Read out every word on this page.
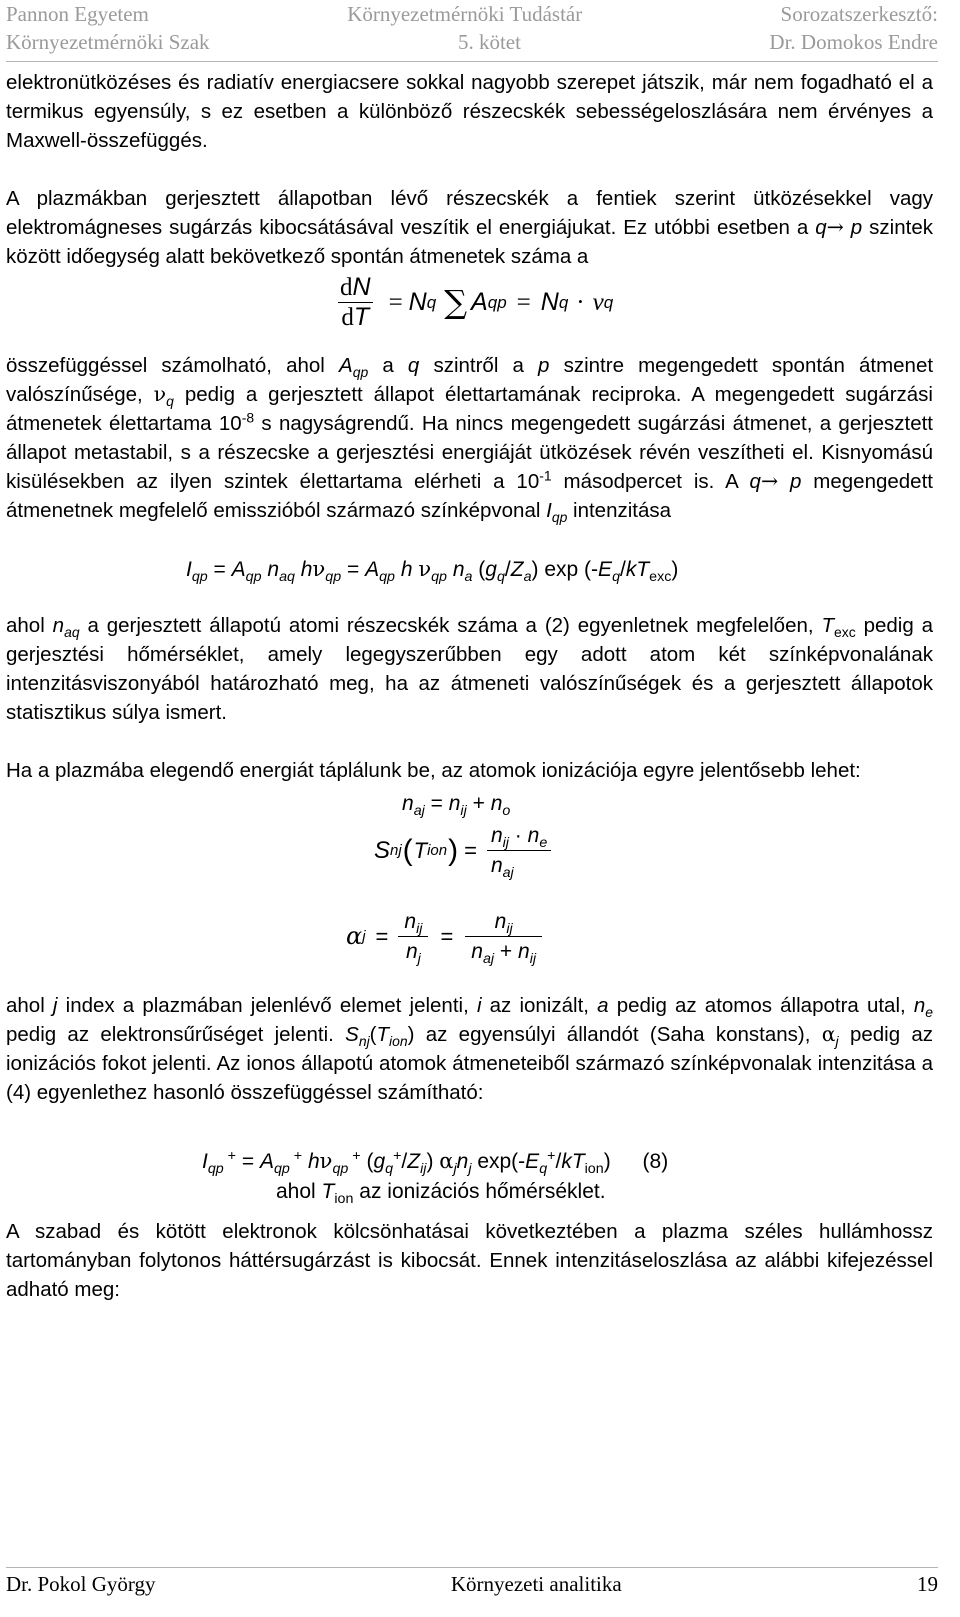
Pannon Egyetem	Környezetmérnöki Tudástár	Sorozatszerkesztő:
Környezetmérnöki Szak	5. kötet	Dr. Domokos Endre

elektronütközéses és radiatív energiacsere sokkal nagyobb szerepet játszik, már nem fogadható el a termikus egyensúly, s ez esetben a különböző részecskék sebességeloszlására nem érvényes a Maxwell-összefüggés.

A plazmákban gerjesztett állapotban lévő részecskék a fentiek szerint ütközésekkel vagy elektromágneses sugárzás kibocsátásával veszítik el energiájukat. Ez utóbbi esetben a q→ p szintek között időegység alatt bekövetkező spontán átmenetek száma a

$\frac{dN}{dT} = N$ q ∑ A qp = N q · ν q

összefüggéssel számolható, ahol $A_{qp}$ a q szintről a p szintre megengedett spontán átmenet valószínűsége, $\nu_q$ pedig a gerjesztett állapot élettartamának reciproka. A megengedett sugárzási átmenetek élettartama $10^{-8}$ s nagyságrendű. Ha nincs megengedett sugárzási átmenet, a gerjesztett állapot metastabil, s a részecske a gerjesztési energiáját ütközések révén veszítheti el. Kisnyomású kisülésekben az ilyen szintek élettartama elérheti a $10^{-1}$ másodpercet is. A q→ p megengedett átmenetnek megfelelő emisszióból származó színképvonal $I_{qp}$ intenzitása

$I_{qp} = A_{qp}$ $n_{aq}$ $h\nu_{qp} = A_{qp}$ h $\nu_{qp}$ $n_a$ $(g_q/Z_a)$ $\exp (-E_q/kT_{exc})$

ahol $n_{aq}$ a gerjesztett állapotú atomi részecskék száma a (2) egyenletnek megfelelően, $T_{exc}$ pedig a gerjesztési hőmérséklet, amely legegyszerűbben egy adott atom két színképvonalának intenzitásviszonyából határozható meg, ha az átmeneti valószínűségek és a gerjesztett állapotok statisztikus súlya ismert.

Ha a plazmába elegendő energiát táplálunk be, az atomok ionizációja egyre jelentősebb lehet:

$n_{aj} = n_{ij} + n_o$
S nj ( T ion ) = $\frac{n_{ij} \cdot n_e}{n_{aj}}$
α $j = \frac{n_{ij}}{n_j} = \frac{n_{ij}}{n_{aj} + n_{ij}}$

ahol j index a plazmában jelenlévő elemet jelenti, i az ionizált, a pedig az atomos állapotra utal, $n_e$ pedig az elektronsűrűséget jelenti. $S_{nj}(T_{ion})$ az egyensúlyi állandót (Saha konstans), $\alpha_j$ pedig az ionizációs fokot jelenti. Az ionos állapotú atomok átmeneteiből származó színképvonalak intenzitása a (4) egyenlethez hasonló összefüggéssel számítható:

$I_{qp}$ $^+ = A_{qp}$ + $h\nu_{qp}$ + $(g_q^+/Z_{ij})$ $\alpha_jn_j$ $\exp(-E_q^+/kT_{ion})$ (8)
ahol $T_{ion}$ az ionizációs hőmérséklet.

A szabad és kötött elektronok kölcsönhatásai következtében a plazma széles hullámhossz tartományban folytonos háttérsugárzást is kibocsát. Ennek intenzitáseloszlása az alábbi kifejezéssel adható meg:

Dr. Pokol György	Környezeti analitika	19
